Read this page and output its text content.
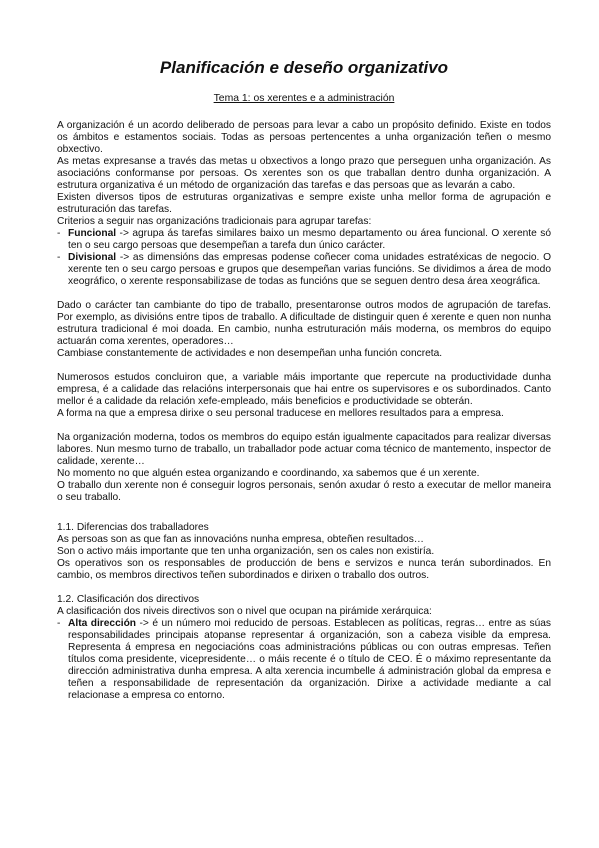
Planificación e deseño organizativo
Tema 1: os xerentes e a administración

A organización é un acordo deliberado de persoas para levar a cabo un propósito definido. Existe en todos os ámbitos e estamentos sociais. Todas as persoas pertencentes a unha organización teñen o mesmo obxectivo.

As metas expresanse a través das metas u obxectivos a longo prazo que perseguen unha organización. As asociacións conformanse por persoas. Os xerentes son os que traballan dentro dunha organización. A estrutura organizativa é un método de organización das tarefas e das persoas que as levarán a cabo.

Existen diversos tipos de estruturas organizativas e sempre existe unha mellor forma de agrupación e estruturación das tarefas.

Criterios a seguir nas organizacións tradicionais para agrupar tarefas:

- Funcional -> agrupa ás tarefas similares baixo un mesmo departamento ou área funcional. O xerente só ten o seu cargo persoas que desempeñan a tarefa dun único carácter.
- Divisional -> as dimensións das empresas podense coñecer coma unidades estratéxicas de negocio. O xerente ten o seu cargo persoas e grupos que desempeñan varias funcións. Se dividimos a área de modo xeográfico, o xerente responsabilizase de todas as funcións que se seguen dentro desa área xeográfica.

Dado o carácter tan cambiante do tipo de traballo, presentaronse outros modos de agrupación de tarefas. Por exemplo, as divisións entre tipos de traballo. A dificultade de distinguir quen é xerente e quen non nunha estrutura tradicional é moi doada. En cambio, nunha estruturación máis moderna, os membros do equipo actuarán coma xerentes, operadores…

Cambiase constantemente de actividades e non desempeñan unha función concreta.

Numerosos estudos concluiron que, a variable máis importante que repercute na productividade dunha empresa, é a calidade das relacións interpersonais que hai entre os supervisores e os subordinados. Canto mellor é a calidade da relación xefe-empleado, máis beneficios e productividade se obterán.

A forma na que a empresa dirixe o seu personal traducese en mellores resultados para a empresa.

Na organización moderna, todos os membros do equipo están igualmente capacitados para realizar diversas labores. Nun mesmo turno de traballo, un traballador pode actuar coma técnico de mantemento, inspector de calidade, xerente…

No momento no que alguén estea organizando e coordinando, xa sabemos que é un xerente.

O traballo dun xerente non é conseguir logros personais, senón axudar ó resto a executar de mellor maneira o seu traballo.

1.1. Diferencias dos traballadores

As persoas son as que fan as innovacións nunha empresa, obteñen resultados…

Son o activo máis importante que ten unha organización, sen os cales non existiría.

Os operativos son os responsables de producción de bens e servizos e nunca terán subordinados. En cambio, os membros directivos teñen subordinados e dirixen o traballo dos outros.

1.2. Clasificación dos directivos

A clasificación dos niveis directivos son o nivel que ocupan na pirámide xerárquica:

- Alta dirección -> é un número moi reducido de persoas. Establecen as políticas, regras… entre as súas responsabilidades principais atopanse representar á organización, son a cabeza visible da empresa. Representa á empresa en negociacións coas administracións públicas ou con outras empresas. Teñen títulos coma presidente, vicepresidente… o máis recente é o título de CEO. É o máximo representante da dirección administrativa dunha empresa. A alta xerencia incumbelle á administración global da empresa e teñen a responsabilidade de representación da organización. Dirixe a actividade mediante a cal relacionase a empresa co entorno.
